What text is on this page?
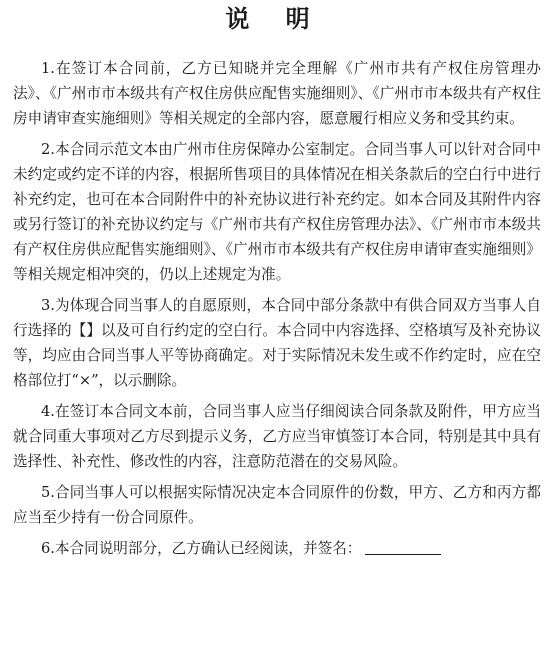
说 明

1.在签订本合同前，乙方已知晓并完全理解《广州市共有产权住房管理办法》、《广州市市本级共有产权住房供应配售实施细则》、《广州市市本级共有产权住房申请审查实施细则》等相关规定的全部内容，愿意履行相应义务和受其约束。

2.本合同示范文本由广州市住房保障办公室制定。合同当事人可以针对合同中未约定或约定不详的内容，根据所售项目的具体情况在相关条款后的空白行中进行补充约定，也可在本合同附件中的补充协议进行补充约定。如本合同及其附件内容或另行签订的补充协议约定与《广州市共有产权住房管理办法》、《广州市市本级共有产权住房供应配售实施细则》、《广州市市本级共有产权住房申请审查实施细则》等相关规定相冲突的，仍以上述规定为准。

3.为体现合同当事人的自愿原则，本合同中部分条款中有供合同双方当事人自行选择的【】以及可自行约定的空白行。本合同中内容选择、空格填写及补充协议等，均应由合同当事人平等协商确定。对于实际情况未发生或不作约定时，应在空格部位打“×”，以示删除。

4.在签订本合同文本前，合同当事人应当仔细阅读合同条款及附件，甲方应当就合同重大事项对乙方尽到提示义务，乙方应当审慎签订本合同，特别是其中具有选择性、补充性、修改性的内容，注意防范潜在的交易风险。

5.合同当事人可以根据实际情况决定本合同原件的份数，甲方、乙方和丙方都应当至少持有一份合同原件。

6.本合同说明部分，乙方确认已经阅读，并签名：
